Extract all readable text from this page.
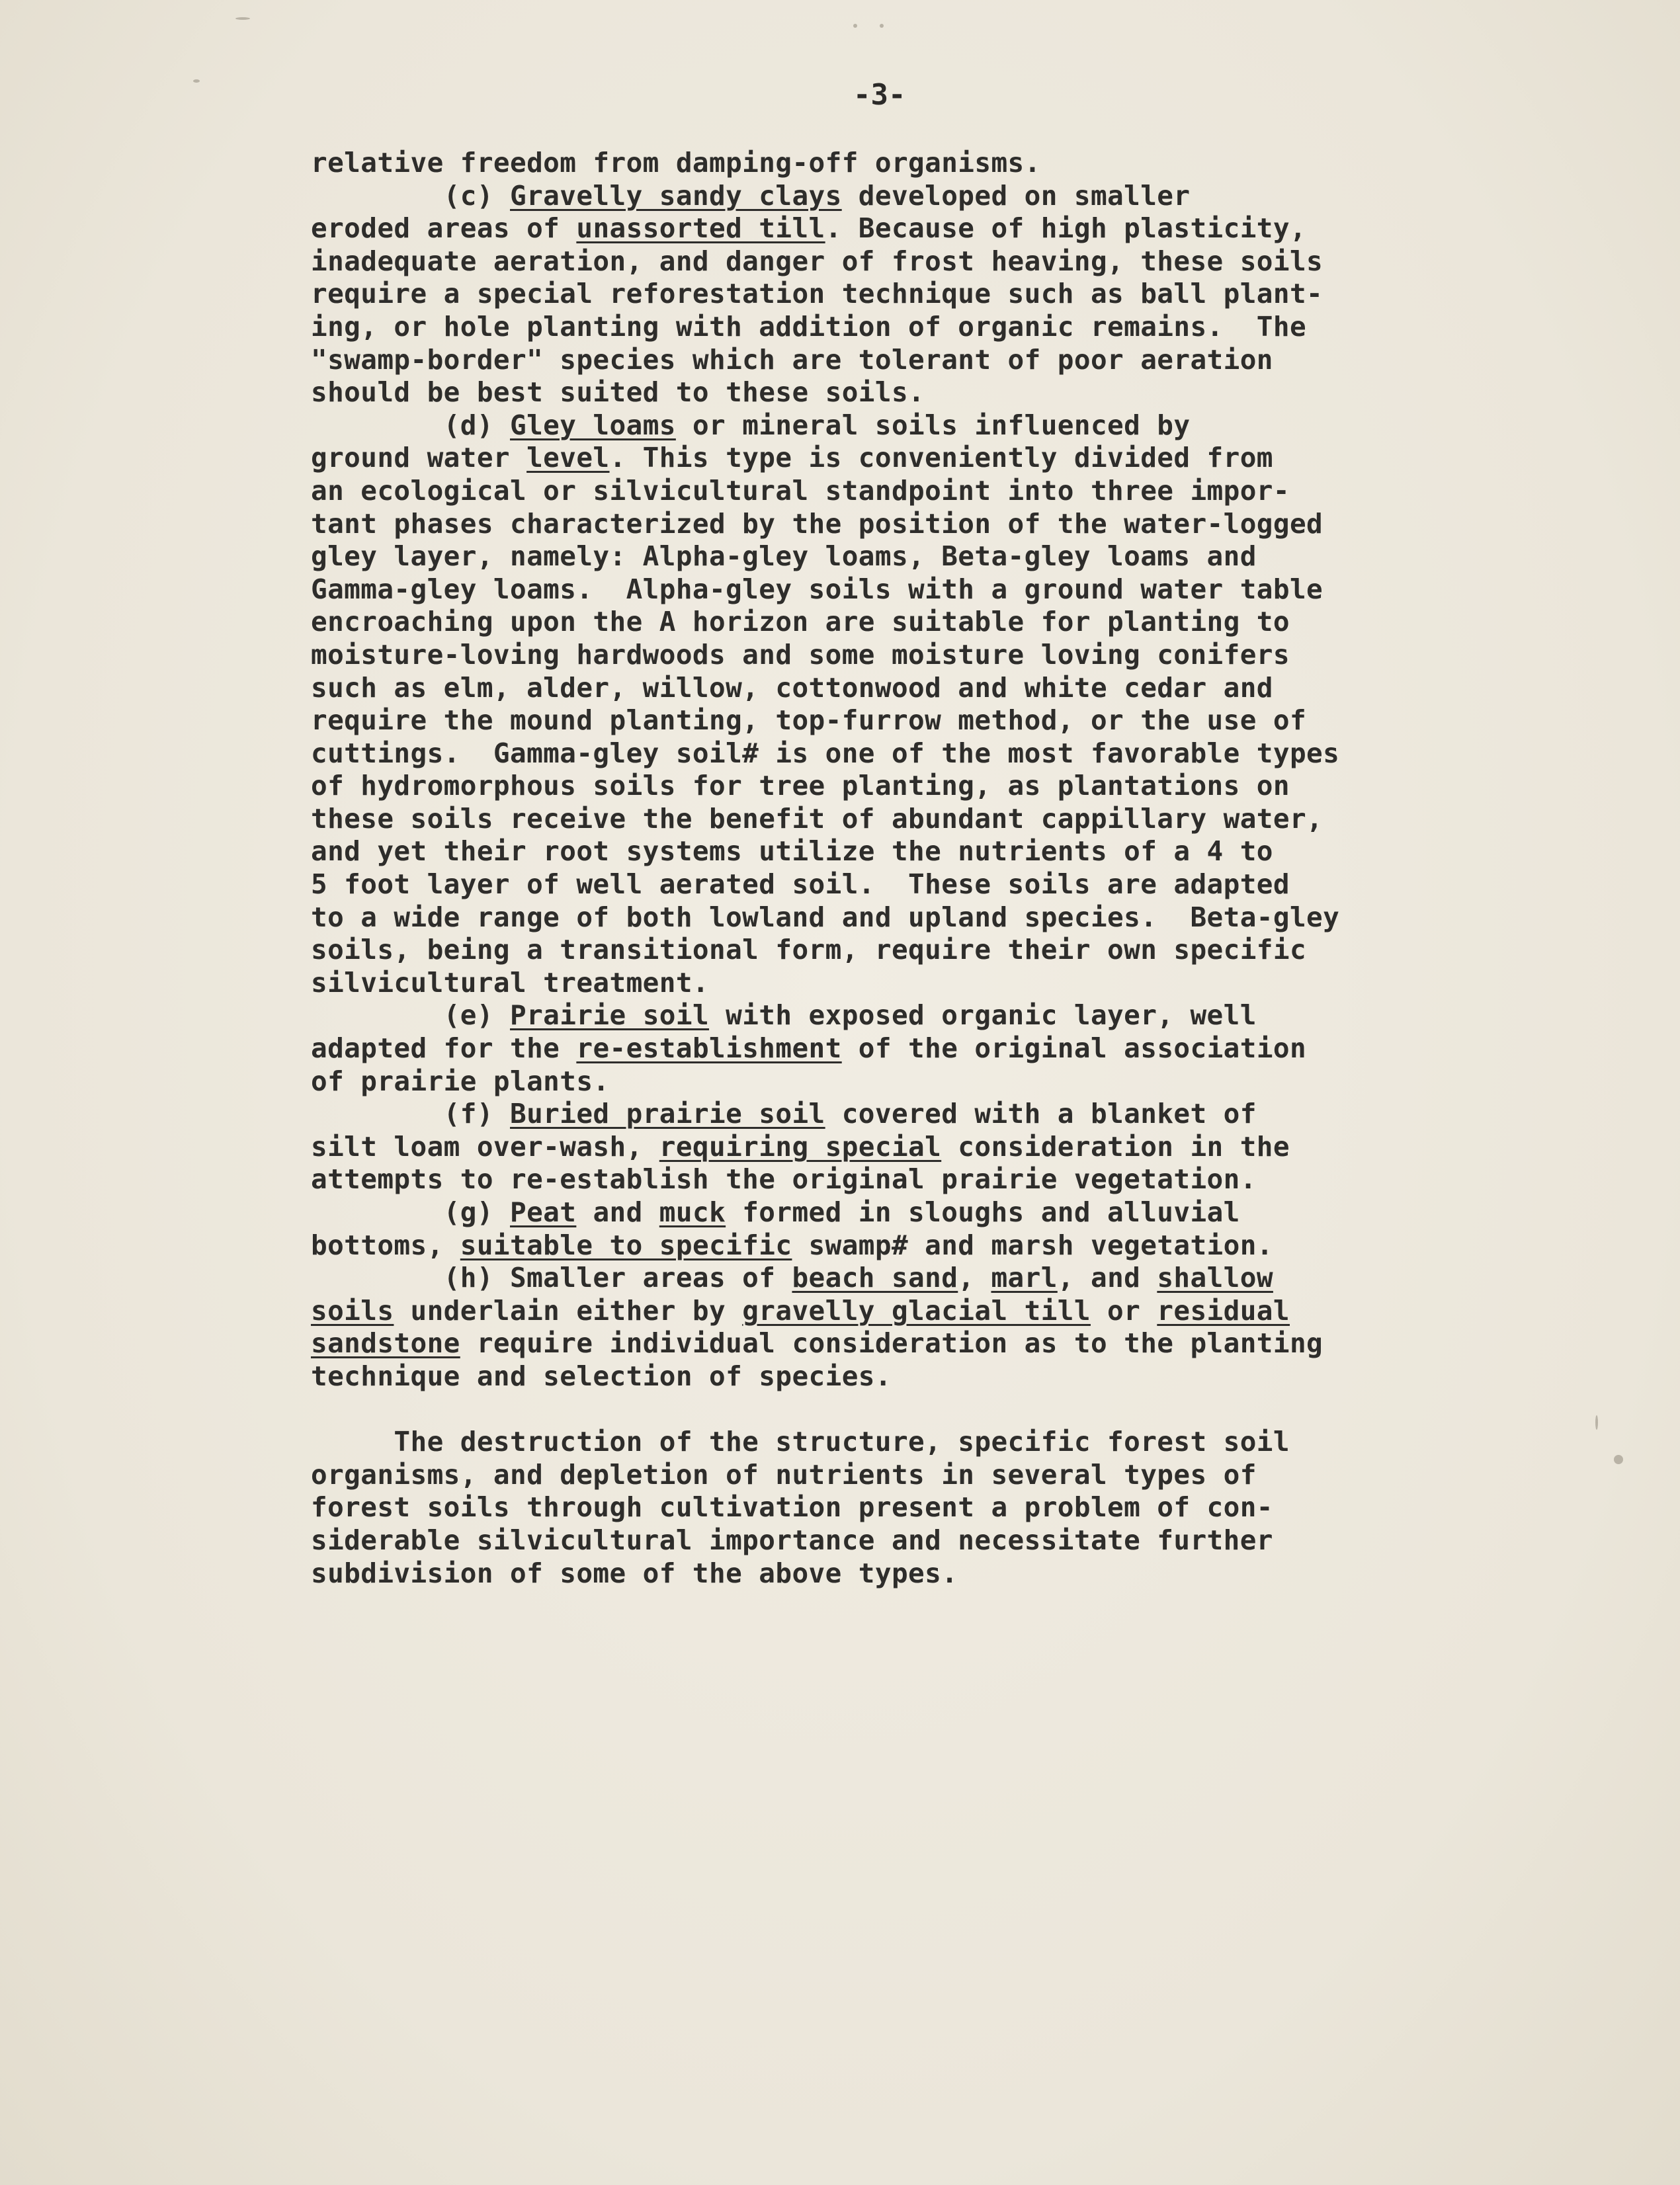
-3-
relative freedom from damping-off organisms.
(c) Gravelly sandy clays developed on smaller
eroded areas of unassorted till. Because of high plasticity,
inadequate aeration, and danger of frost heaving, these soils
require a special reforestation technique such as ball plant-
ing, or hole planting with addition of organic remains.  The
"swamp-border" species which are tolerant of poor aeration
should be best suited to these soils.
(d) Gley loams or mineral soils influenced by
ground water level. This type is conveniently divided from
an ecological or silvicultural standpoint into three impor-
tant phases characterized by the position of the water-logged
gley layer, namely: Alpha-gley loams, Beta-gley loams and
Gamma-gley loams.  Alpha-gley soils with a ground water table
encroaching upon the A horizon are suitable for planting to
moisture-loving hardwoods and some moisture loving conifers
such as elm, alder, willow, cottonwood and white cedar and
require the mound planting, top-furrow method, or the use of
cuttings.  Gamma-gley soil# is one of the most favorable types
of hydromorphous soils for tree planting, as plantations on
these soils receive the benefit of abundant cappillary water,
and yet their root systems utilize the nutrients of a 4 to
5 foot layer of well aerated soil.  These soils are adapted
to a wide range of both lowland and upland species.  Beta-gley
soils, being a transitional form, require their own specific
silvicultural treatment.
(e) Prairie soil with exposed organic layer, well
adapted for the re-establishment of the original association
of prairie plants.
(f) Buried prairie soil covered with a blanket of
silt loam over-wash, requiring special consideration in the
attempts to re-establish the original prairie vegetation.
(g) Peat and muck formed in sloughs and alluvial
bottoms, suitable to specific swamp# and marsh vegetation.
(h) Smaller areas of beach sand, marl, and shallow
soils underlain either by gravelly glacial till or residual
sandstone require individual consideration as to the planting
technique and selection of species.
The destruction of the structure, specific forest soil
organisms, and depletion of nutrients in several types of
forest soils through cultivation present a problem of con-
siderable silvicultural importance and necessitate further
subdivision of some of the above types.
